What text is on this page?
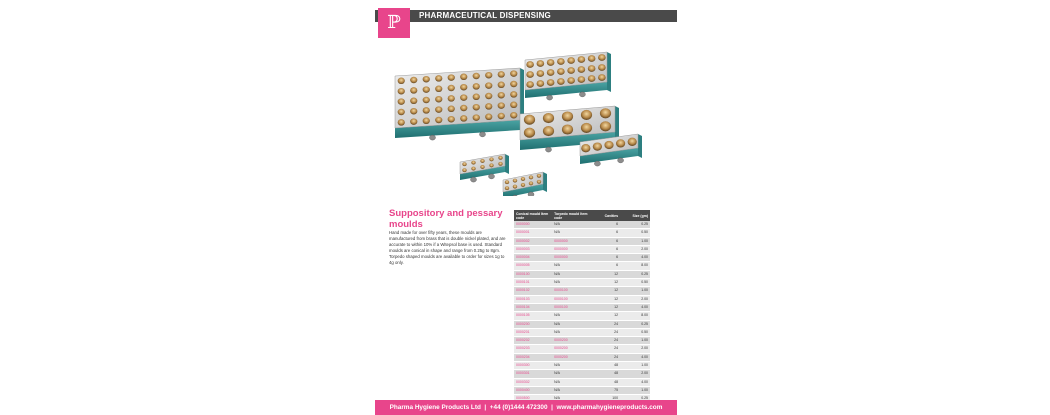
ℙ	PHARMACEUTICAL DISPENSING
Suppository and pessary moulds

Hand made for over fifty years, these moulds are manufactured from brass that is double nickel plated, and are accurate to within 10% if a Witepsol base is used. Standard moulds are conical in shape and range from 0.25g to 8gm. Torpedo shaped moulds are available to order for sizes 1g to 4g only.

Conical mould Item code	Torpedo mould Item code	Cavities	Size (gm)
0000000	N/A	6	0.25
0000001	N/A	6	0.50
0000002	0000000	6	1.00
0000003	0000000	6	2.00
0000004	0000000	6	4.00
0000005	N/A	6	8.00
0000100	N/A	12	0.25
0000101	N/A	12	0.50
0000102	0000100	12	1.00
0000103	0000100	12	2.00
0000104	0000100	12	4.00
0000105	N/A	12	8.00
0000200	N/A	24	0.25
0000201	N/A	24	0.50
0000202	0000200	24	1.00
0000203	0000200	24	2.00
0000204	0000200	24	4.00
0000300	N/A	48	1.00
0000301	N/A	48	2.00
0000302	N/A	48	4.00
0000400	N/A	75	1.00
0000500	N/A	100	0.25
Pharma Hygiene Products Ltd | +44 (0)1444 472300 | www.pharmahygieneproducts.com
